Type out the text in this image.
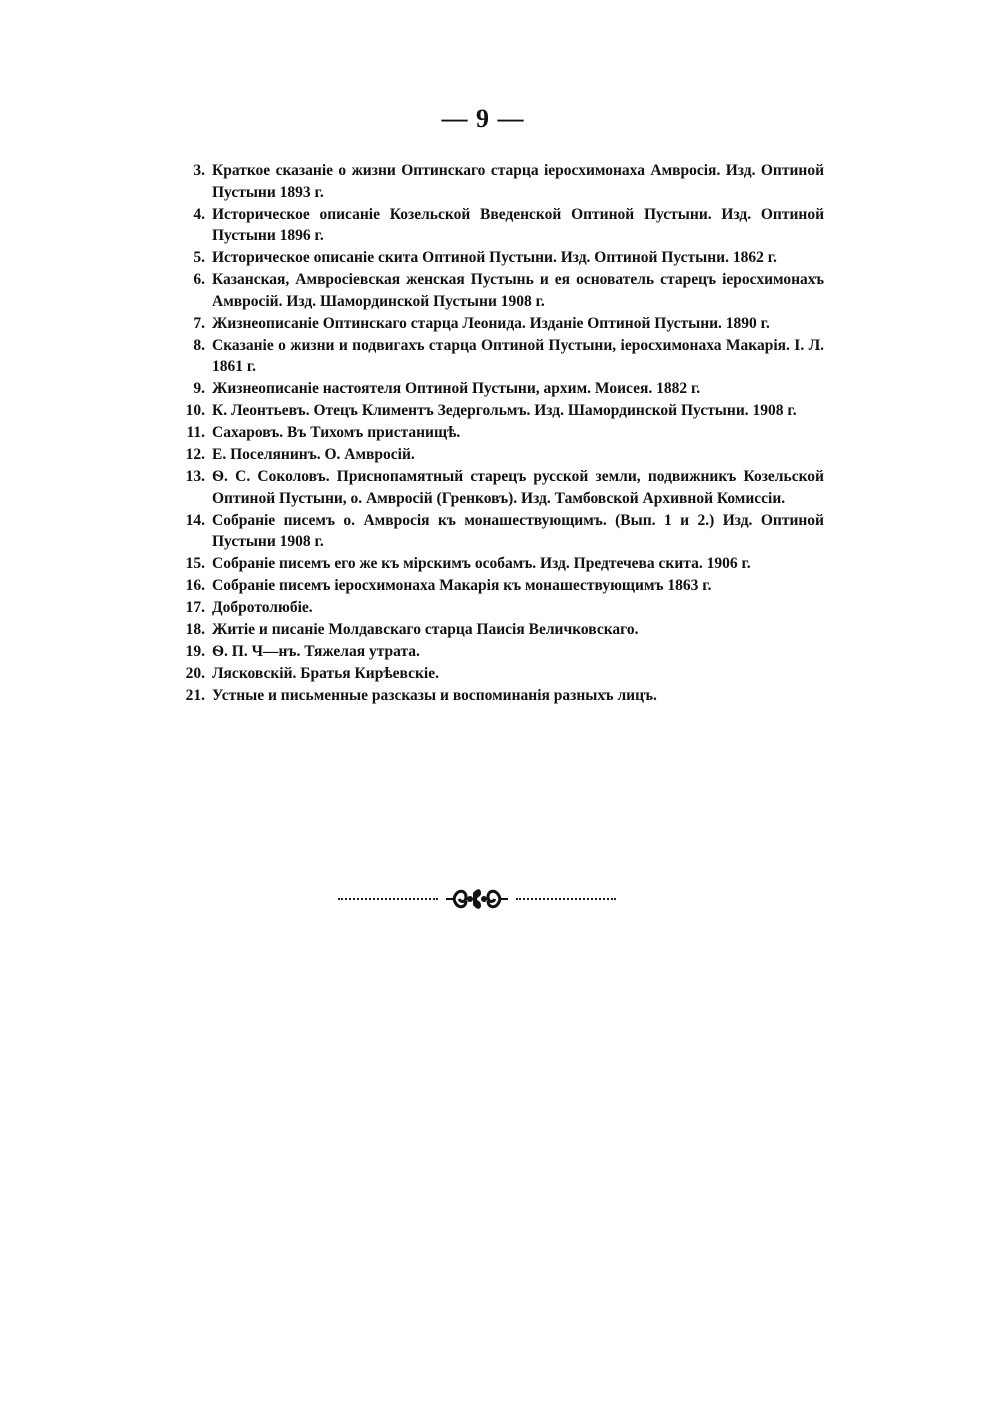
— 9 —
3. Краткое сказаніе о жизни Оптинскаго старца іеросхимонаха Амвросія. Изд. Оптиной Пустыни 1893 г.
4. Историческое описаніе Козельской Введенской Оптиной Пустыни. Изд. Оптиной Пустыни 1896 г.
5. Историческое описаніе скита Оптиной Пустыни. Изд. Оптиной Пустыни. 1862 г.
6. Казанская, Амвросіевская женская Пустынь и ея основатель старецъ іеросхимонахъ Амвросій. Изд. Шамординской Пустыни 1908 г.
7. Жизнеописаніе Оптинскаго старца Леонида. Изданіе Оптиной Пустыни. 1890 г.
8. Сказаніе о жизни и подвигахъ старца Оптиной Пустыни, іеросхимонаха Макарія. I. Л. 1861 г.
9. Жизнеописаніе настоятеля Оптиной Пустыни, архим. Моисея. 1882 г.
10. К. Леонтьевъ. Отецъ Климентъ Зедергольмъ. Изд. Шамординской Пустыни. 1908 г.
11. Сахаровъ. Въ Тихомъ пристанищѣ.
12. Е. Поселянинъ. О. Амвросій.
13. Ѳ. С. Соколовъ. Приснопамятный старецъ русской земли, подвижникъ Козельской Оптиной Пустыни, о. Амвросій (Гренковъ). Изд. Тамбовской Архивной Комиссіи.
14. Собраніе писемъ о. Амвросія къ монашествующимъ. (Вып. 1 и 2.) Изд. Оптиной Пустыни 1908 г.
15. Собраніе писемъ его же къ мірскимъ особамъ. Изд. Предтечева скита. 1906 г.
16. Собраніе писемъ іеросхимонаха Макарія къ монашествующимъ 1863 г.
17. Добротолюбіе.
18. Житіе и писаніе Молдавскаго старца Паисія Величковскаго.
19. Ѳ. П. Ч—нъ. Тяжелая утрата.
20. Лясковскій. Братья Кирѣевскіе.
21. Устные и письменные разсказы и воспоминанія разныхъ лицъ.
